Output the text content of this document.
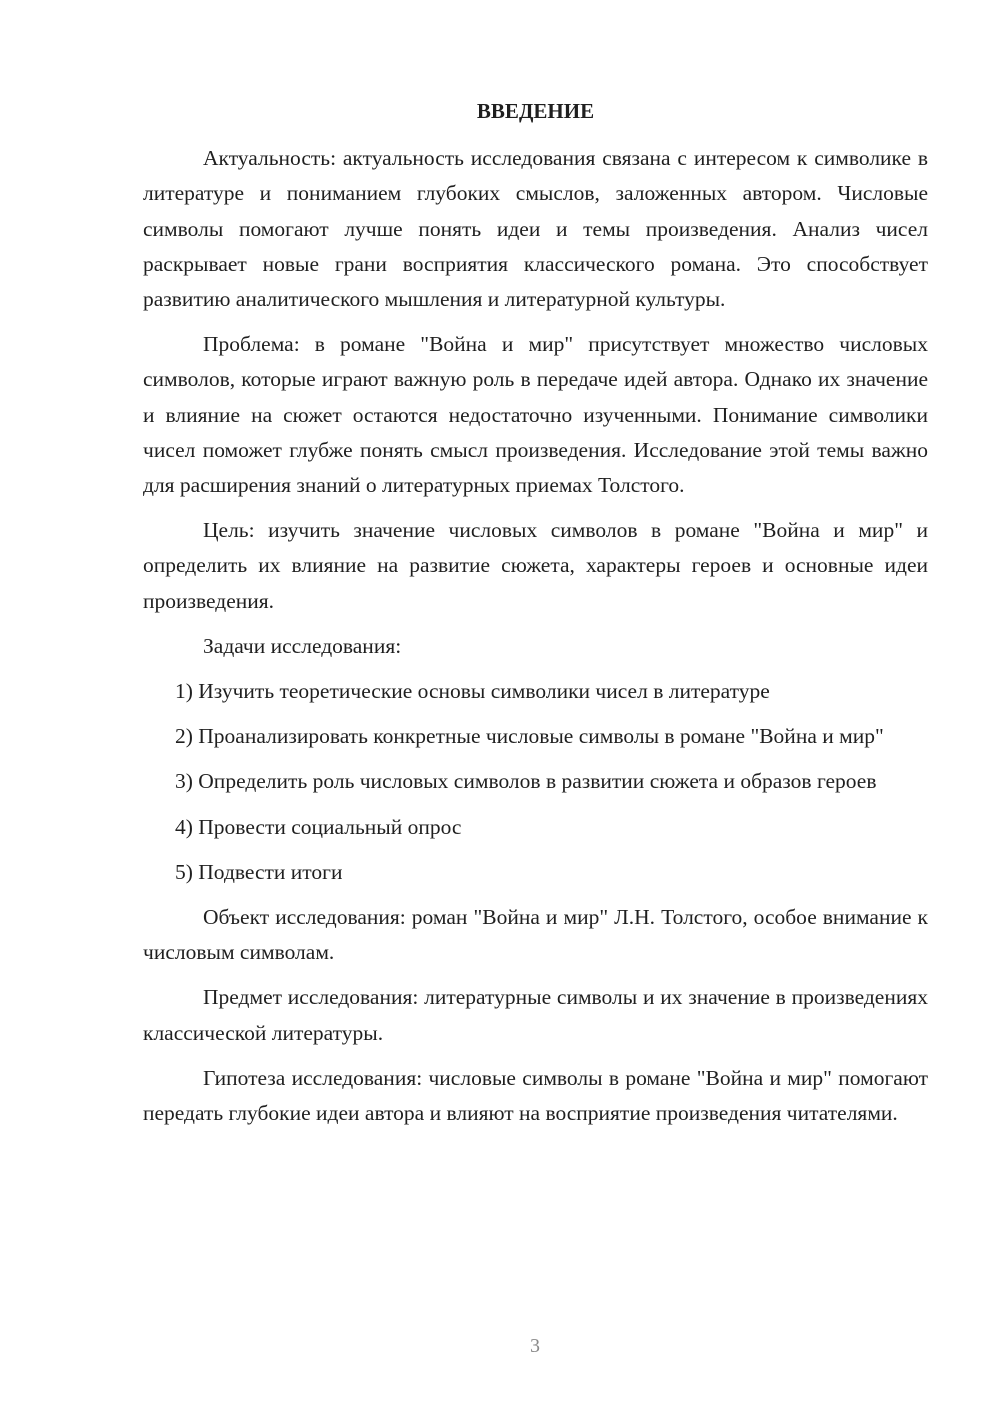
ВВЕДЕНИЕ

Актуальность: актуальность исследования связана с интересом к символике в литературе и пониманием глубоких смыслов, заложенных автором. Числовые символы помогают лучше понять идеи и темы произведения. Анализ чисел раскрывает новые грани восприятия классического романа. Это способствует развитию аналитического мышления и литературной культуры.

Проблема: в романе "Война и мир" присутствует множество числовых символов, которые играют важную роль в передаче идей автора. Однако их значение и влияние на сюжет остаются недостаточно изученными. Понимание символики чисел поможет глубже понять смысл произведения. Исследование этой темы важно для расширения знаний о литературных приемах Толстого.

Цель: изучить значение числовых символов в романе "Война и мир" и определить их влияние на развитие сюжета, характеры героев и основные идеи произведения.

Задачи исследования:

1) Изучить теоретические основы символики чисел в литературе

2) Проанализировать конкретные числовые символы в романе "Война и мир"

3) Определить роль числовых символов в развитии сюжета и образов героев

4) Провести социальный опрос

5) Подвести итоги

Объект исследования: роман "Война и мир" Л.Н. Толстого, особое внимание к числовым символам.

Предмет исследования: литературные символы и их значение в произведениях классической литературы.

Гипотеза исследования: числовые символы в романе "Война и мир" помогают передать глубокие идеи автора и влияют на восприятие произведения читателями.

3
